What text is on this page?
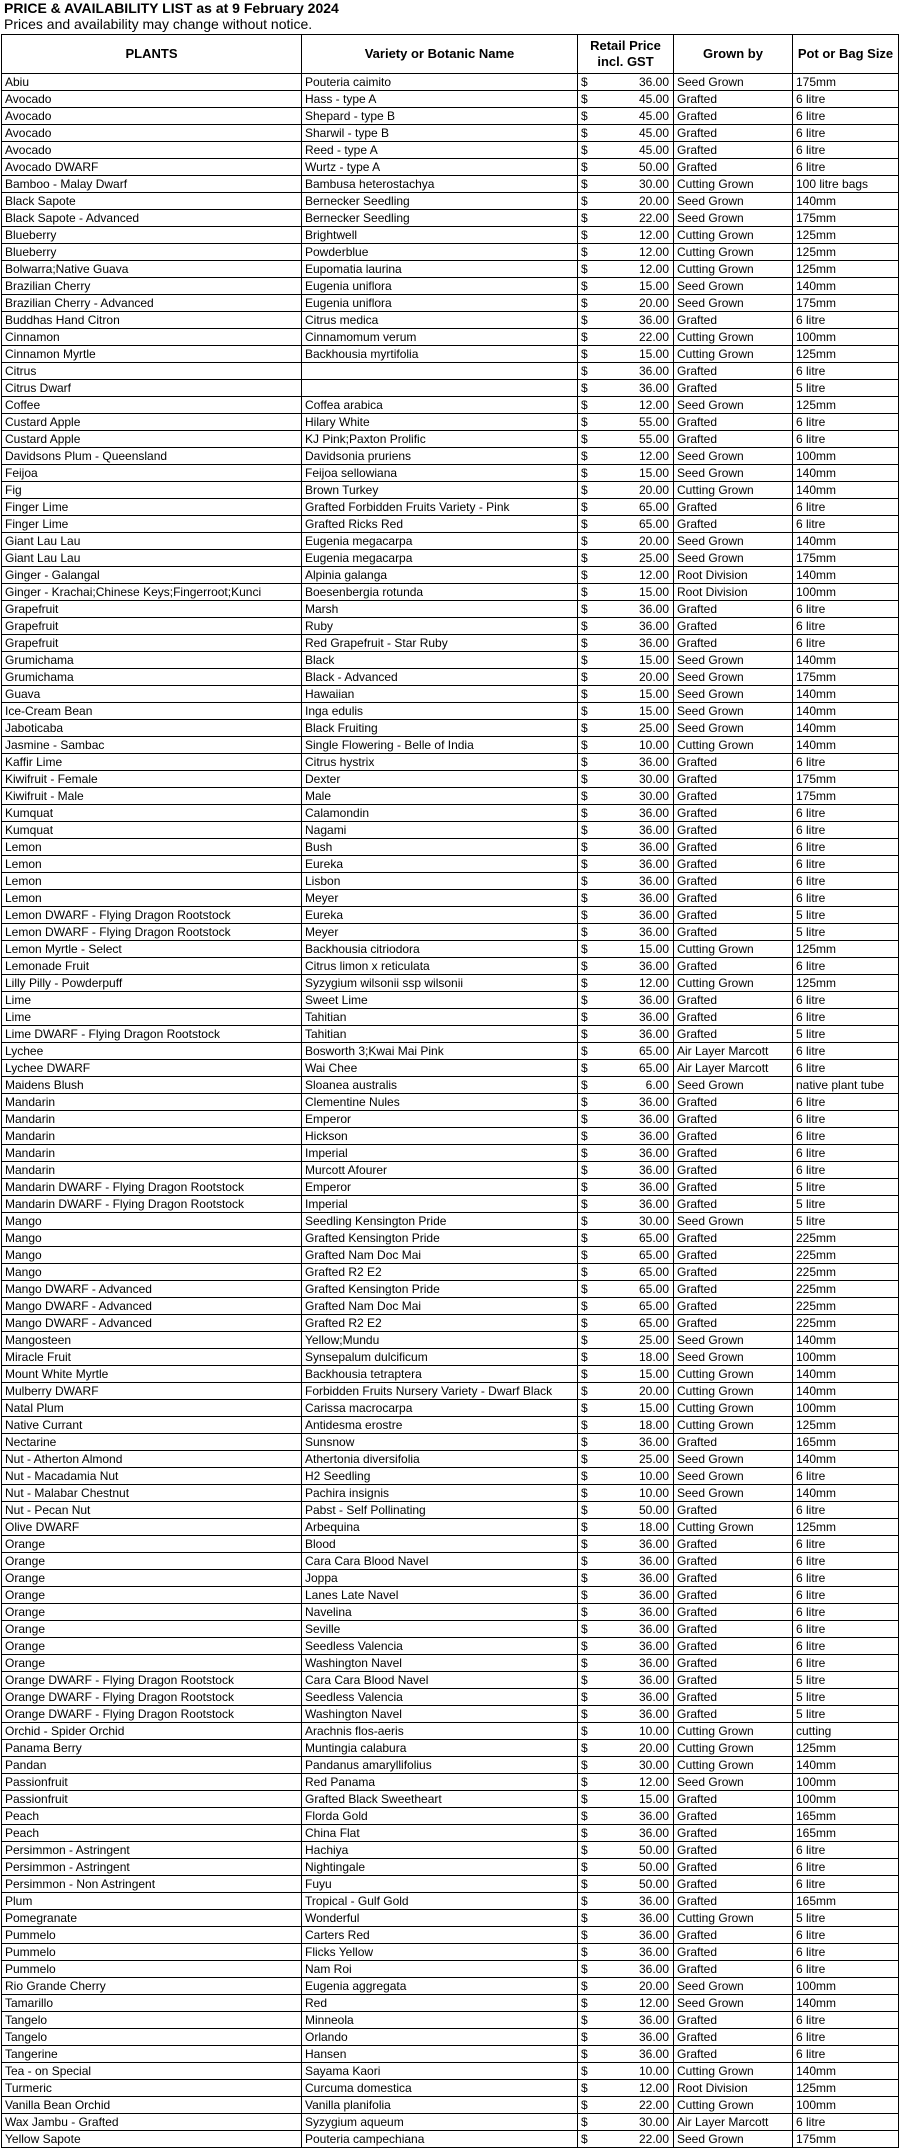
PRICE & AVAILABILITY LIST as at 9 February 2024
Prices and availability may change without notice.
PLANTS	Variety or Botanic Name	Retail Price incl. GST	Grown by	Pot or Bag Size
Abiu	Pouteria caimito	$ 36.00	Seed Grown	175mm
Avocado	Hass - type A	$ 45.00	Grafted	6 litre
Avocado	Shepard - type B	$ 45.00	Grafted	6 litre
Avocado	Sharwil - type B	$ 45.00	Grafted	6 litre
Avocado	Reed - type A	$ 45.00	Grafted	6 litre
Avocado DWARF	Wurtz - type A	$ 50.00	Grafted	6 litre
Bamboo - Malay Dwarf	Bambusa heterostachya	$ 30.00	Cutting Grown	100 litre bags
Black Sapote	Bernecker Seedling	$ 20.00	Seed Grown	140mm
Black Sapote - Advanced	Bernecker Seedling	$ 22.00	Seed Grown	175mm
Blueberry	Brightwell	$ 12.00	Cutting Grown	125mm
Blueberry	Powderblue	$ 12.00	Cutting Grown	125mm
Bolwarra;Native Guava	Eupomatia laurina	$ 12.00	Cutting Grown	125mm
Brazilian Cherry	Eugenia uniflora	$ 15.00	Seed Grown	140mm
Brazilian Cherry - Advanced	Eugenia uniflora	$ 20.00	Seed Grown	175mm
Buddhas Hand Citron	Citrus medica	$ 36.00	Grafted	6 litre
Cinnamon	Cinnamomum verum	$ 22.00	Cutting Grown	100mm
Cinnamon Myrtle	Backhousia myrtifolia	$ 15.00	Cutting Grown	125mm
Citrus		$ 36.00	Grafted	6 litre
Citrus Dwarf		$ 36.00	Grafted	5 litre
Coffee	Coffea arabica	$ 12.00	Seed Grown	125mm
Custard Apple	Hilary White	$ 55.00	Grafted	6 litre
Custard Apple	KJ Pink;Paxton Prolific	$ 55.00	Grafted	6 litre
Davidsons Plum - Queensland	Davidsonia pruriens	$ 12.00	Seed Grown	100mm
Feijoa	Feijoa sellowiana	$ 15.00	Seed Grown	140mm
Fig	Brown Turkey	$ 20.00	Cutting Grown	140mm
Finger Lime	Grafted Forbidden Fruits Variety - Pink	$ 65.00	Grafted	6 litre
Finger Lime	Grafted Ricks Red	$ 65.00	Grafted	6 litre
Giant Lau Lau	Eugenia megacarpa	$ 20.00	Seed Grown	140mm
Giant Lau Lau	Eugenia megacarpa	$ 25.00	Seed Grown	175mm
Ginger - Galangal	Alpinia galanga	$ 12.00	Root Division	140mm
Ginger - Krachai;Chinese Keys;Fingerroot;Kunci	Boesenbergia rotunda	$ 15.00	Root Division	100mm
Grapefruit	Marsh	$ 36.00	Grafted	6 litre
Grapefruit	Ruby	$ 36.00	Grafted	6 litre
Grapefruit	Red Grapefruit - Star Ruby	$ 36.00	Grafted	6 litre
Grumichama	Black	$ 15.00	Seed Grown	140mm
Grumichama	Black - Advanced	$ 20.00	Seed Grown	175mm
Guava	Hawaiian	$ 15.00	Seed Grown	140mm
Ice-Cream Bean	Inga edulis	$ 15.00	Seed Grown	140mm
Jaboticaba	Black Fruiting	$ 25.00	Seed Grown	140mm
Jasmine - Sambac	Single Flowering - Belle of India	$ 10.00	Cutting Grown	140mm
Kaffir Lime	Citrus hystrix	$ 36.00	Grafted	6 litre
Kiwifruit - Female	Dexter	$ 30.00	Grafted	175mm
Kiwifruit - Male	Male	$ 30.00	Grafted	175mm
Kumquat	Calamondin	$ 36.00	Grafted	6 litre
Kumquat	Nagami	$ 36.00	Grafted	6 litre
Lemon	Bush	$ 36.00	Grafted	6 litre
Lemon	Eureka	$ 36.00	Grafted	6 litre
Lemon	Lisbon	$ 36.00	Grafted	6 litre
Lemon	Meyer	$ 36.00	Grafted	6 litre
Lemon DWARF - Flying Dragon Rootstock	Eureka	$ 36.00	Grafted	5 litre
Lemon DWARF - Flying Dragon Rootstock	Meyer	$ 36.00	Grafted	5 litre
Lemon Myrtle - Select	Backhousia citriodora	$ 15.00	Cutting Grown	125mm
Lemonade Fruit	Citrus limon x reticulata	$ 36.00	Grafted	6 litre
Lilly Pilly - Powderpuff	Syzygium wilsonii ssp wilsonii	$ 12.00	Cutting Grown	125mm
Lime	Sweet Lime	$ 36.00	Grafted	6 litre
Lime	Tahitian	$ 36.00	Grafted	6 litre
Lime DWARF - Flying Dragon Rootstock	Tahitian	$ 36.00	Grafted	5 litre
Lychee	Bosworth 3;Kwai Mai Pink	$ 65.00	Air Layer Marcott	6 litre
Lychee DWARF	Wai Chee	$ 65.00	Air Layer Marcott	6 litre
Maidens Blush	Sloanea australis	$ 6.00	Seed Grown	native plant tube
Mandarin	Clementine Nules	$ 36.00	Grafted	6 litre
Mandarin	Emperor	$ 36.00	Grafted	6 litre
Mandarin	Hickson	$ 36.00	Grafted	6 litre
Mandarin	Imperial	$ 36.00	Grafted	6 litre
Mandarin	Murcott Afourer	$ 36.00	Grafted	6 litre
Mandarin DWARF - Flying Dragon Rootstock	Emperor	$ 36.00	Grafted	5 litre
Mandarin DWARF - Flying Dragon Rootstock	Imperial	$ 36.00	Grafted	5 litre
Mango	Seedling Kensington Pride	$ 30.00	Seed Grown	5 litre
Mango	Grafted Kensington Pride	$ 65.00	Grafted	225mm
Mango	Grafted Nam Doc Mai	$ 65.00	Grafted	225mm
Mango	Grafted R2 E2	$ 65.00	Grafted	225mm
Mango DWARF - Advanced	Grafted Kensington Pride	$ 65.00	Grafted	225mm
Mango DWARF - Advanced	Grafted Nam Doc Mai	$ 65.00	Grafted	225mm
Mango DWARF - Advanced	Grafted R2 E2	$ 65.00	Grafted	225mm
Mangosteen	Yellow;Mundu	$ 25.00	Seed Grown	140mm
Miracle Fruit	Synsepalum dulcificum	$ 18.00	Seed Grown	100mm
Mount White Myrtle	Backhousia tetraptera	$ 15.00	Cutting Grown	140mm
Mulberry DWARF	Forbidden Fruits Nursery Variety - Dwarf Black	$ 20.00	Cutting Grown	140mm
Natal Plum	Carissa macrocarpa	$ 15.00	Cutting Grown	100mm
Native Currant	Antidesma erostre	$ 18.00	Cutting Grown	125mm
Nectarine	Sunsnow	$ 36.00	Grafted	165mm
Nut - Atherton Almond	Athertonia diversifolia	$ 25.00	Seed Grown	140mm
Nut - Macadamia Nut	H2 Seedling	$ 10.00	Seed Grown	6 litre
Nut - Malabar Chestnut	Pachira insignis	$ 10.00	Seed Grown	140mm
Nut - Pecan Nut	Pabst - Self Pollinating	$ 50.00	Grafted	6 litre
Olive DWARF	Arbequina	$ 18.00	Cutting Grown	125mm
Orange	Blood	$ 36.00	Grafted	6 litre
Orange	Cara Cara Blood Navel	$ 36.00	Grafted	6 litre
Orange	Joppa	$ 36.00	Grafted	6 litre
Orange	Lanes Late Navel	$ 36.00	Grafted	6 litre
Orange	Navelina	$ 36.00	Grafted	6 litre
Orange	Seville	$ 36.00	Grafted	6 litre
Orange	Seedless Valencia	$ 36.00	Grafted	6 litre
Orange	Washington Navel	$ 36.00	Grafted	6 litre
Orange DWARF - Flying Dragon Rootstock	Cara Cara Blood Navel	$ 36.00	Grafted	5 litre
Orange DWARF - Flying Dragon Rootstock	Seedless Valencia	$ 36.00	Grafted	5 litre
Orange DWARF - Flying Dragon Rootstock	Washington Navel	$ 36.00	Grafted	5 litre
Orchid - Spider Orchid	Arachnis flos-aeris	$ 10.00	Cutting Grown	cutting
Panama Berry	Muntingia calabura	$ 20.00	Cutting Grown	125mm
Pandan	Pandanus amaryllifolius	$ 30.00	Cutting Grown	140mm
Passionfruit	Red Panama	$ 12.00	Seed Grown	100mm
Passionfruit	Grafted Black Sweetheart	$ 15.00	Grafted	100mm
Peach	Florda Gold	$ 36.00	Grafted	165mm
Peach	China Flat	$ 36.00	Grafted	165mm
Persimmon - Astringent	Hachiya	$ 50.00	Grafted	6 litre
Persimmon - Astringent	Nightingale	$ 50.00	Grafted	6 litre
Persimmon - Non Astringent	Fuyu	$ 50.00	Grafted	6 litre
Plum	Tropical - Gulf Gold	$ 36.00	Grafted	165mm
Pomegranate	Wonderful	$ 36.00	Cutting Grown	5 litre
Pummelo	Carters Red	$ 36.00	Grafted	6 litre
Pummelo	Flicks Yellow	$ 36.00	Grafted	6 litre
Pummelo	Nam Roi	$ 36.00	Grafted	6 litre
Rio Grande Cherry	Eugenia aggregata	$ 20.00	Seed Grown	100mm
Tamarillo	Red	$ 12.00	Seed Grown	140mm
Tangelo	Minneola	$ 36.00	Grafted	6 litre
Tangelo	Orlando	$ 36.00	Grafted	6 litre
Tangerine	Hansen	$ 36.00	Grafted	6 litre
Tea - on Special	Sayama Kaori	$ 10.00	Cutting Grown	140mm
Turmeric	Curcuma domestica	$ 12.00	Root Division	125mm
Vanilla Bean Orchid	Vanilla planifolia	$ 22.00	Cutting Grown	100mm
Wax Jambu - Grafted	Syzygium aqueum	$ 30.00	Air Layer Marcott	6 litre
Yellow Sapote	Pouteria campechiana	$ 22.00	Seed Grown	175mm
